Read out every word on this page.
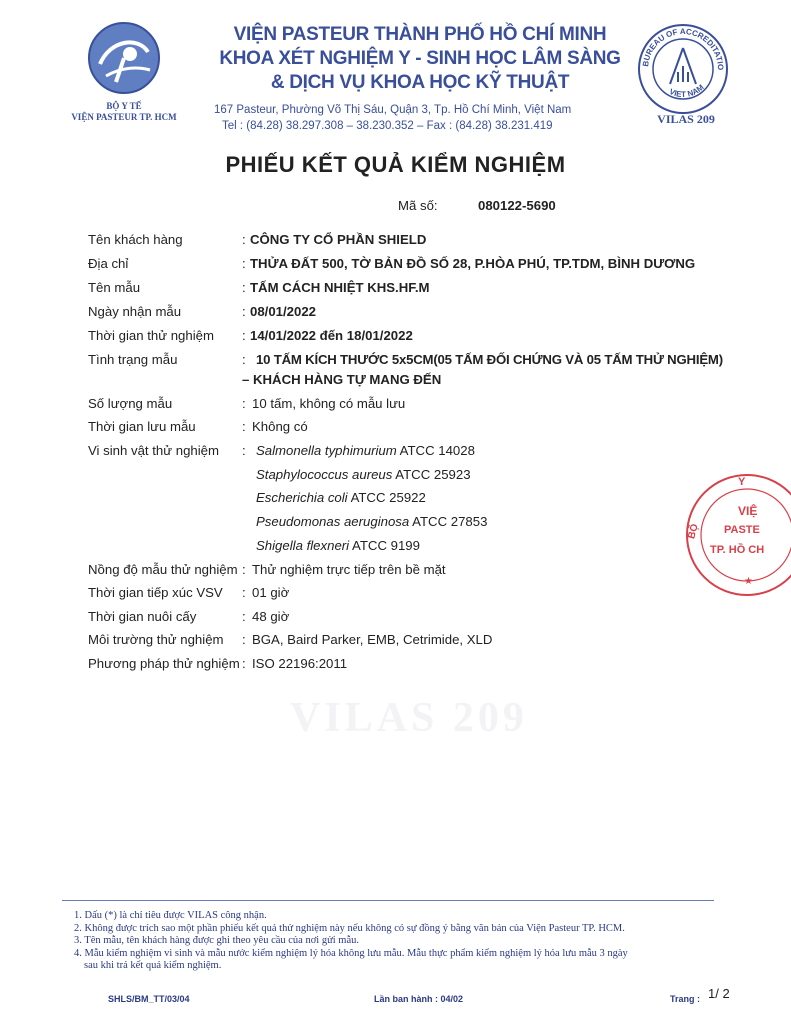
BỘ Y TẾ
VIỆN PASTEUR TP. HCM
VIỆN PASTEUR THÀNH PHỐ HỒ CHÍ MINH
KHOA XÉT NGHIỆM Y - SINH HỌC LÂM SÀNG
& DỊCH VỤ KHOA HỌC KỸ THUẬT
167 Pasteur, Phường Võ Thị Sáu, Quận 3, Tp. Hồ Chí Minh, Việt Nam
Tel : (84.28) 38.297.308 – 38.230.352 – Fax : (84.28) 38.231.419
BUREAU OF ACCREDITATIO
VIET NAM
VILAS 209
PHIẾU KẾT QUẢ KIỂM NGHIỆM
Mã số:	080122-5690
Tên khách hàng	: CÔNG TY CỔ PHẦN SHIELD
Địa chỉ	: THỬA ĐẤT 500, TỜ BẢN ĐỒ SỐ 28, P.HÒA PHÚ, TP.TDM, BÌNH DƯƠNG
Tên mẫu	: TẤM CÁCH NHIỆT KHS.HF.M
Ngày nhận mẫu	: 08/01/2022
Thời gian thử nghiệm : 14/01/2022 đến 18/01/2022
Tình trạng mẫu	: 10 TẤM KÍCH THƯỚC 5x5CM(05 TẤM ĐỐI CHỨNG VÀ 05 TẤM THỬ NGHIỆM)
– KHÁCH HÀNG TỰ MANG ĐẾN
Số lượng mẫu	: 10 tấm, không có mẫu lưu
Thời gian lưu mẫu	: Không có
Vi sinh vật thử nghiệm : Salmonella typhimurium ATCC 14028
Staphylococcus aureus ATCC 25923
Escherichia coli ATCC 25922
Pseudomonas aeruginosa ATCC 27853
Shigella flexneri ATCC 9199
Nồng độ mẫu thử nghiệm : Thử nghiệm trực tiếp trên bề mặt
Thời gian tiếp xúc VSV : 01 giờ
Thời gian nuôi cấy	: 48 giờ
Môi trường thử nghiệm : BGA, Baird Parker, EMB, Cetrimide, XLD
Phương pháp thử nghiệm : ISO 22196:2011
VILAS 209
Y
BỘ
VIỆ
PASTE
TP. HỒ CH
★
1. Dấu (*) là chỉ tiêu được VILAS công nhận.
2. Không được trích sao một phần phiếu kết quả thử nghiệm này nếu không có sự đồng ý bằng văn bản của Viện Pasteur TP. HCM.
3. Tên mẫu, tên khách hàng được ghi theo yêu cầu của nơi gửi mẫu.
4. Mẫu kiểm nghiệm vi sinh và mẫu nước kiểm nghiệm lý hóa không lưu mẫu. Mẫu thực phẩm kiểm nghiệm lý hóa lưu mẫu 3 ngày
sau khi trả kết quả kiểm nghiệm.
SHLS/BM_TT/03/04	Lần ban hành : 04/02	Trang : 1/ 2
